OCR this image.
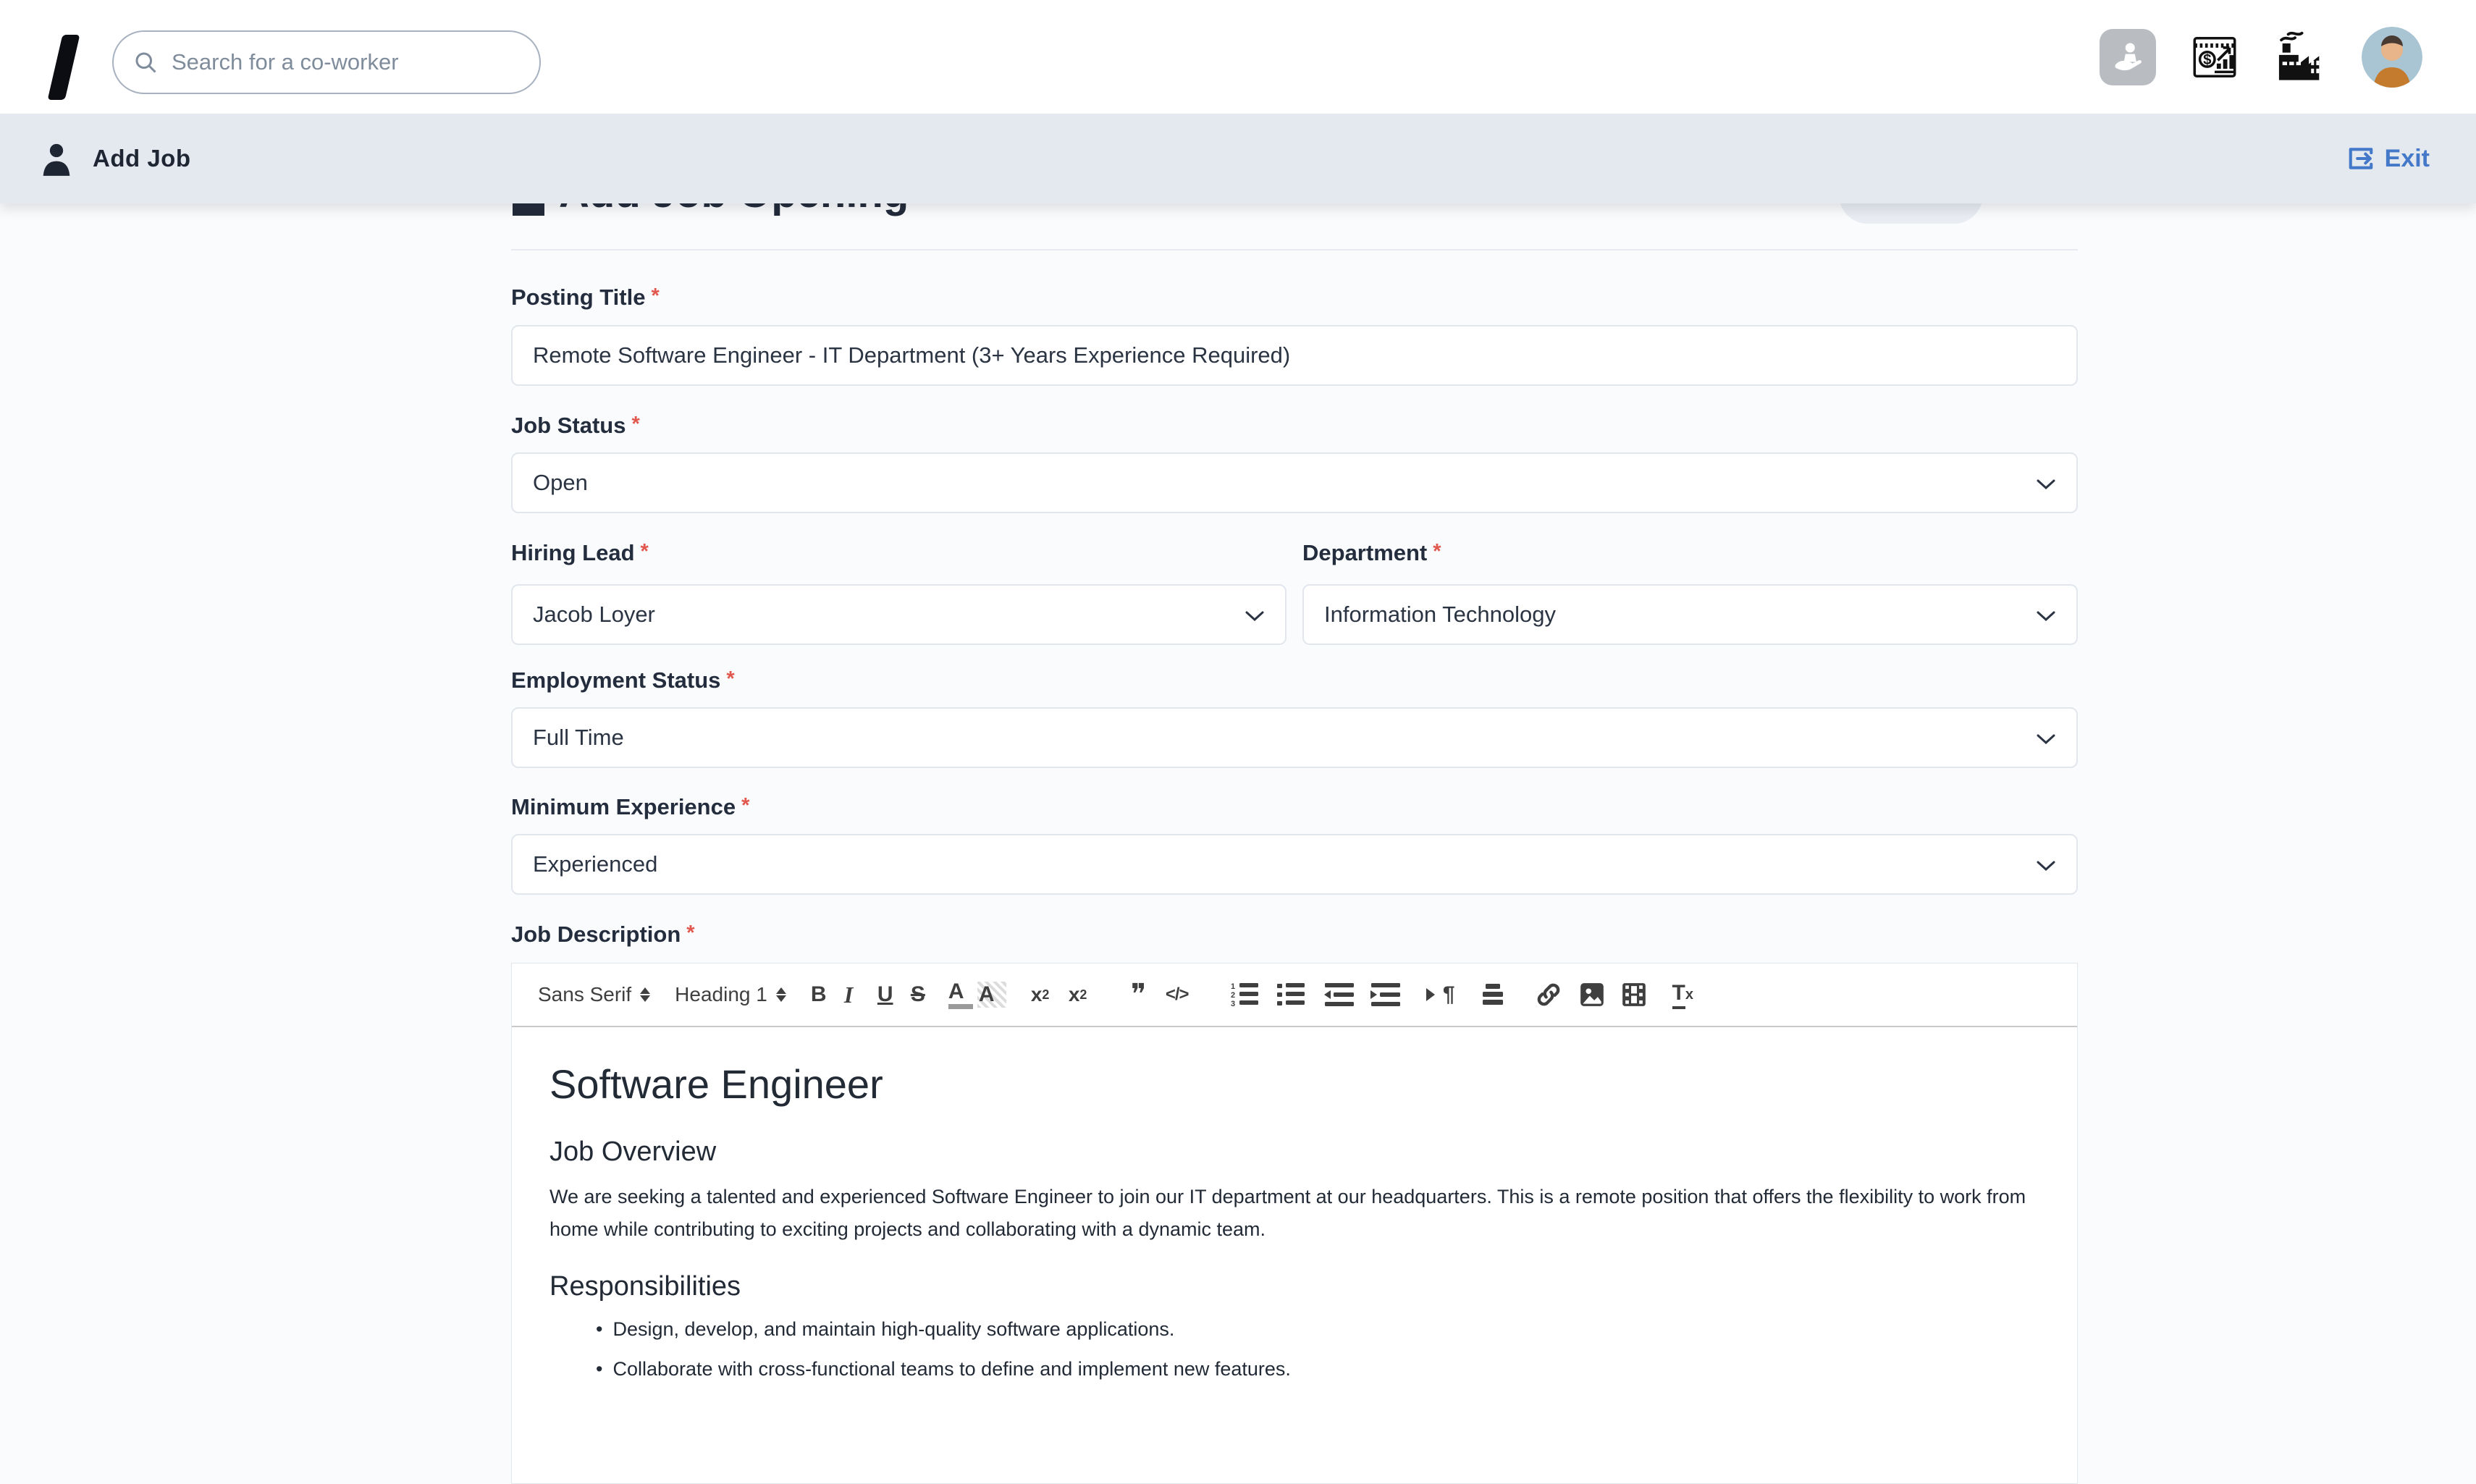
Search for a co-worker
$
Add Job	Exit
Posting Title *
Remote Software Engineer - IT Department (3+ Years Experience Required)
Job Status *
Open
Hiring Lead *
Jacob Loyer
Department *
Information Technology
Employment Status *
Full Time
Minimum Experience *
Experienced
Job Description *
Sans Serif Heading 1 B I	U S	A A	x 2 x 2 ❞	</>	1
2
3	¶	T x
Software Engineer
Job Overview

We are seeking a talented and experienced Software Engineer to join our IT department at our headquarters. This is a remote position that offers the flexibility to work from home while contributing to exciting projects and collaborating with a dynamic team.

Responsibilities
• Design, develop, and maintain high-quality software applications.
• Collaborate with cross-functional teams to define and implement new features.
